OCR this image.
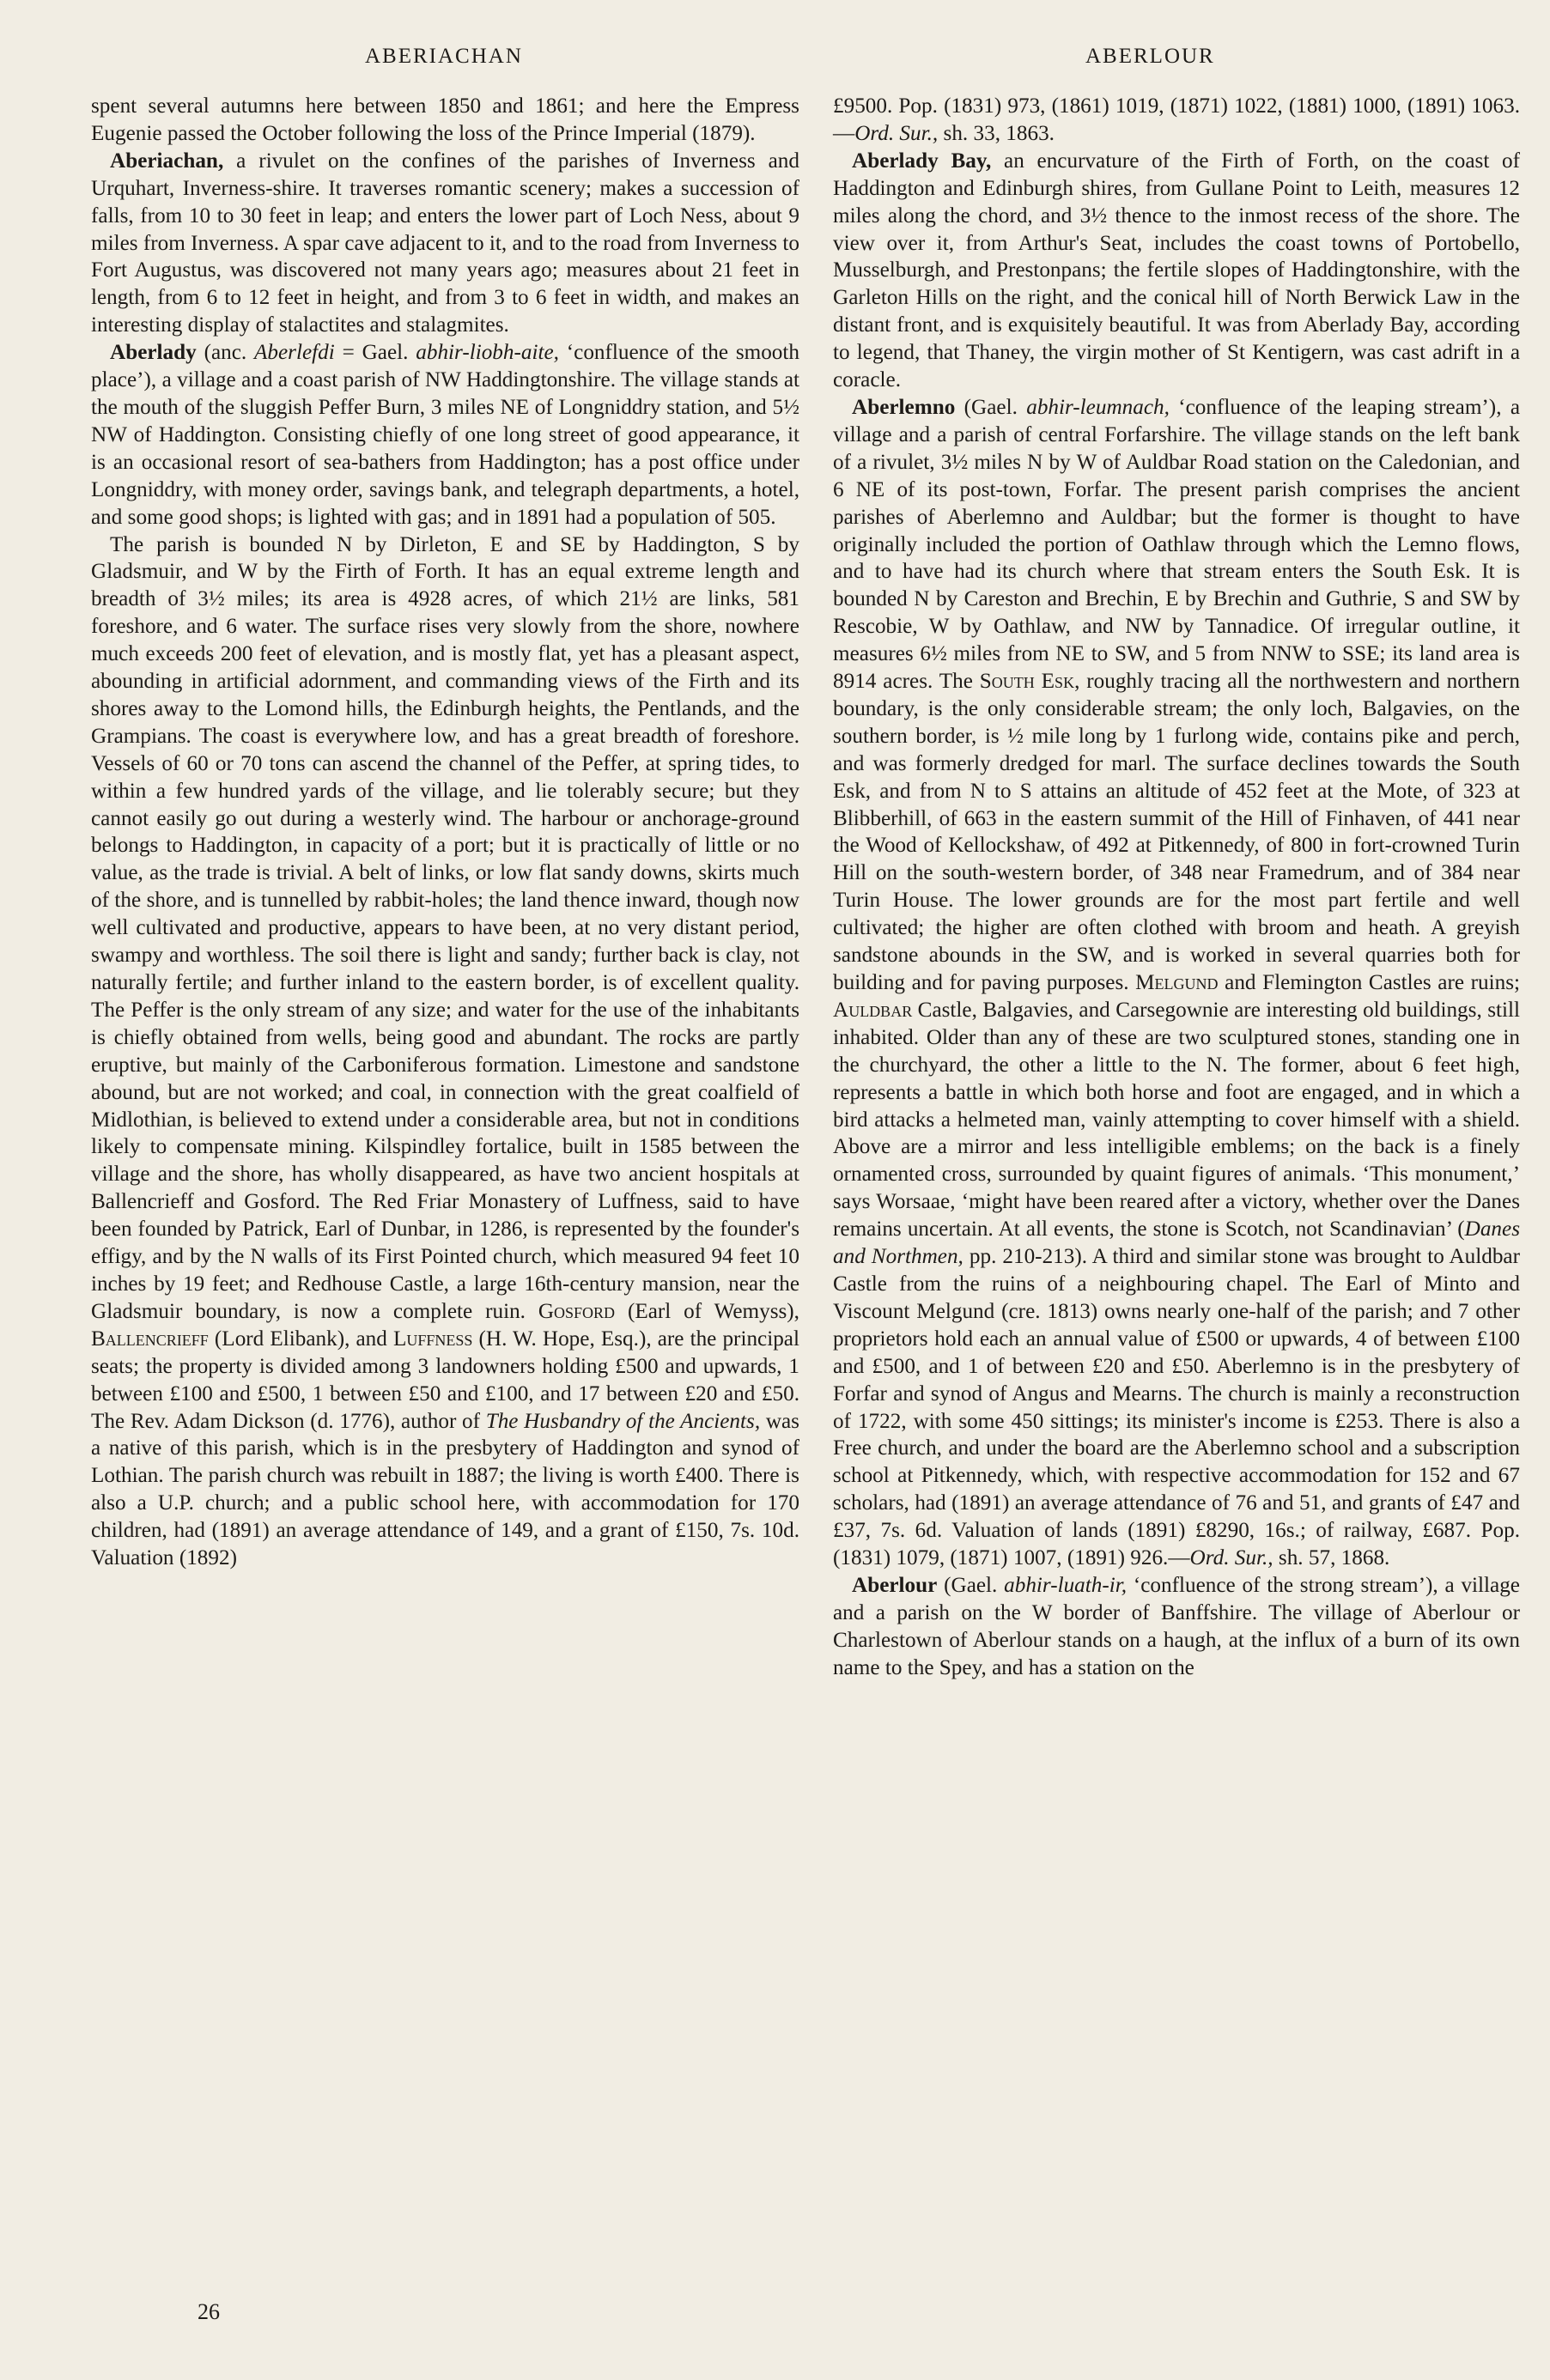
ABERIACHAN	ABERLOUR

spent several autumns here between 1850 and 1861; and here the Empress Eugenie passed the October following the loss of the Prince Imperial (1879).

Aberiachan, a rivulet on the confines of the parishes of Inverness and Urquhart, Inverness-shire. It traverses romantic scenery; makes a succession of falls, from 10 to 30 feet in leap; and enters the lower part of Loch Ness, about 9 miles from Inverness. A spar cave adjacent to it, and to the road from Inverness to Fort Augustus, was discovered not many years ago; measures about 21 feet in length, from 6 to 12 feet in height, and from 3 to 6 feet in width, and makes an interesting display of stalactites and stalagmites.

Aberlady (anc. Aberlefdi = Gael. abhir-liobh-aite, ‘confluence of the smooth place’), a village and a coast parish of NW Haddingtonshire. The village stands at the mouth of the sluggish Peffer Burn, 3 miles NE of Longniddry station, and 5½ NW of Haddington. Consisting chiefly of one long street of good appearance, it is an occasional resort of sea-bathers from Haddington; has a post office under Longniddry, with money order, savings bank, and telegraph departments, a hotel, and some good shops; is lighted with gas; and in 1891 had a population of 505.

The parish is bounded N by Dirleton, E and SE by Haddington, S by Gladsmuir, and W by the Firth of Forth. It has an equal extreme length and breadth of 3½ miles; its area is 4928 acres, of which 21½ are links, 581 foreshore, and 6 water. The surface rises very slowly from the shore, nowhere much exceeds 200 feet of elevation, and is mostly flat, yet has a pleasant aspect, abounding in artificial adornment, and commanding views of the Firth and its shores away to the Lomond hills, the Edinburgh heights, the Pentlands, and the Grampians. The coast is everywhere low, and has a great breadth of foreshore. Vessels of 60 or 70 tons can ascend the channel of the Peffer, at spring tides, to within a few hundred yards of the village, and lie tolerably secure; but they cannot easily go out during a westerly wind. The harbour or anchorage-ground belongs to Haddington, in capacity of a port; but it is practically of little or no value, as the trade is trivial. A belt of links, or low flat sandy downs, skirts much of the shore, and is tunnelled by rabbit-holes; the land thence inward, though now well cultivated and productive, appears to have been, at no very distant period, swampy and worthless. The soil there is light and sandy; further back is clay, not naturally fertile; and further inland to the eastern border, is of excellent quality. The Peffer is the only stream of any size; and water for the use of the inhabitants is chiefly obtained from wells, being good and abundant. The rocks are partly eruptive, but mainly of the Carboniferous formation. Limestone and sandstone abound, but are not worked; and coal, in connection with the great coalfield of Midlothian, is believed to extend under a considerable area, but not in conditions likely to compensate mining. Kilspindley fortalice, built in 1585 between the village and the shore, has wholly disappeared, as have two ancient hospitals at Ballencrieff and Gosford. The Red Friar Monastery of Luffness, said to have been founded by Patrick, Earl of Dunbar, in 1286, is represented by the founder's effigy, and by the N walls of its First Pointed church, which measured 94 feet 10 inches by 19 feet; and Redhouse Castle, a large 16th-century mansion, near the Gladsmuir boundary, is now a complete ruin. Gosford (Earl of Wemyss), Ballencrieff (Lord Elibank), and Luffness (H. W. Hope, Esq.), are the principal seats; the property is divided among 3 landowners holding £500 and upwards, 1 between £100 and £500, 1 between £50 and £100, and 17 between £20 and £50. The Rev. Adam Dickson (d. 1776), author of The Husbandry of the Ancients, was a native of this parish, which is in the presbytery of Haddington and synod of Lothian. The parish church was rebuilt in 1887; the living is worth £400. There is also a U.P. church; and a public school here, with accommodation for 170 children, had (1891) an average attendance of 149, and a grant of £150, 7s. 10d. Valuation (1892)

£9500. Pop. (1831) 973, (1861) 1019, (1871) 1022, (1881) 1000, (1891) 1063.—Ord. Sur., sh. 33, 1863.

Aberlady Bay, an encurvature of the Firth of Forth, on the coast of Haddington and Edinburgh shires, from Gullane Point to Leith, measures 12 miles along the chord, and 3½ thence to the inmost recess of the shore. The view over it, from Arthur's Seat, includes the coast towns of Portobello, Musselburgh, and Prestonpans; the fertile slopes of Haddingtonshire, with the Garleton Hills on the right, and the conical hill of North Berwick Law in the distant front, and is exquisitely beautiful. It was from Aberlady Bay, according to legend, that Thaney, the virgin mother of St Kentigern, was cast adrift in a coracle.

Aberlemno (Gael. abhir-leumnach, ‘confluence of the leaping stream’), a village and a parish of central Forfarshire. The village stands on the left bank of a rivulet, 3½ miles N by W of Auldbar Road station on the Caledonian, and 6 NE of its post-town, Forfar. The present parish comprises the ancient parishes of Aberlemno and Auldbar; but the former is thought to have originally included the portion of Oathlaw through which the Lemno flows, and to have had its church where that stream enters the South Esk. It is bounded N by Careston and Brechin, E by Brechin and Guthrie, S and SW by Rescobie, W by Oathlaw, and NW by Tannadice. Of irregular outline, it measures 6½ miles from NE to SW, and 5 from NNW to SSE; its land area is 8914 acres. The South Esk, roughly tracing all the northwestern and northern boundary, is the only considerable stream; the only loch, Balgavies, on the southern border, is ½ mile long by 1 furlong wide, contains pike and perch, and was formerly dredged for marl. The surface declines towards the South Esk, and from N to S attains an altitude of 452 feet at the Mote, of 323 at Blibberhill, of 663 in the eastern summit of the Hill of Finhaven, of 441 near the Wood of Kellockshaw, of 492 at Pitkennedy, of 800 in fort-crowned Turin Hill on the south-western border, of 348 near Framedrum, and of 384 near Turin House. The lower grounds are for the most part fertile and well cultivated; the higher are often clothed with broom and heath. A greyish sandstone abounds in the SW, and is worked in several quarries both for building and for paving purposes. Melgund and Flemington Castles are ruins; Auldbar Castle, Balgavies, and Carsegownie are interesting old buildings, still inhabited. Older than any of these are two sculptured stones, standing one in the churchyard, the other a little to the N. The former, about 6 feet high, represents a battle in which both horse and foot are engaged, and in which a bird attacks a helmeted man, vainly attempting to cover himself with a shield. Above are a mirror and less intelligible emblems; on the back is a finely ornamented cross, surrounded by quaint figures of animals. ‘This monument,’ says Worsaae, ‘might have been reared after a victory, whether over the Danes remains uncertain. At all events, the stone is Scotch, not Scandinavian’ (Danes and Northmen, pp. 210-213). A third and similar stone was brought to Auldbar Castle from the ruins of a neighbouring chapel. The Earl of Minto and Viscount Melgund (cre. 1813) owns nearly one-half of the parish; and 7 other proprietors hold each an annual value of £500 or upwards, 4 of between £100 and £500, and 1 of between £20 and £50. Aberlemno is in the presbytery of Forfar and synod of Angus and Mearns. The church is mainly a reconstruction of 1722, with some 450 sittings; its minister's income is £253. There is also a Free church, and under the board are the Aberlemno school and a subscription school at Pitkennedy, which, with respective accommodation for 152 and 67 scholars, had (1891) an average attendance of 76 and 51, and grants of £47 and £37, 7s. 6d. Valuation of lands (1891) £8290, 16s.; of railway, £687. Pop. (1831) 1079, (1871) 1007, (1891) 926.—Ord. Sur., sh. 57, 1868.

Aberlour (Gael. abhir-luath-ir, ‘confluence of the strong stream’), a village and a parish on the W border of Banffshire. The village of Aberlour or Charlestown of Aberlour stands on a haugh, at the influx of a burn of its own name to the Spey, and has a station on the

26
